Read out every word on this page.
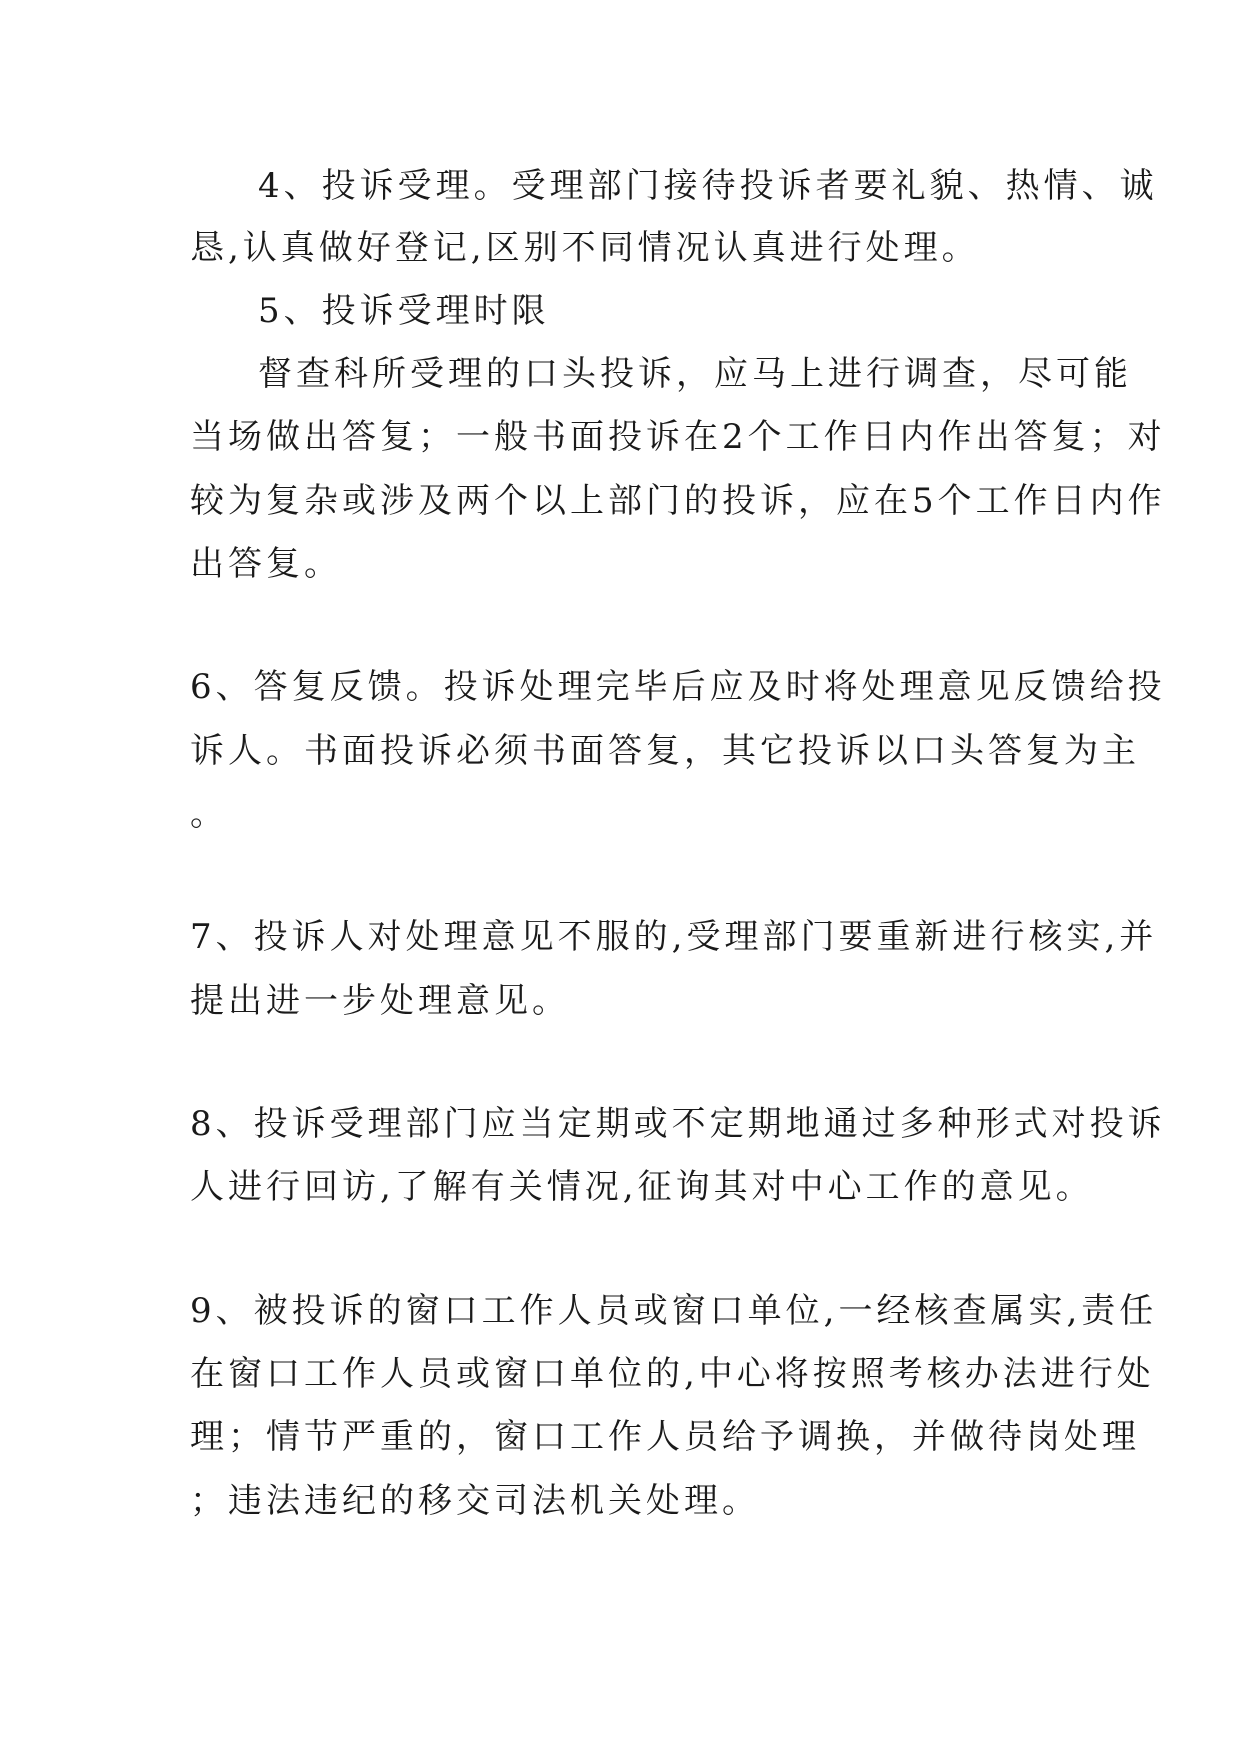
4、投诉受理。受理部门接待投诉者要礼貌、热情、诚
恳,认真做好登记,区别不同情况认真进行处理。
5、投诉受理时限
督查科所受理的口头投诉，应马上进行调查，尽可能
当场做出答复；一般书面投诉在2个工作日内作出答复；对
较为复杂或涉及两个以上部门的投诉，应在5个工作日内作
出答复。
6、答复反馈。投诉处理完毕后应及时将处理意见反馈给投
诉人。书面投诉必须书面答复，其它投诉以口头答复为主
。
7、投诉人对处理意见不服的,受理部门要重新进行核实,并
提出进一步处理意见。
8、投诉受理部门应当定期或不定期地通过多种形式对投诉
人进行回访,了解有关情况,征询其对中心工作的意见。
9、被投诉的窗口工作人员或窗口单位,一经核查属实,责任
在窗口工作人员或窗口单位的,中心将按照考核办法进行处
理；情节严重的，窗口工作人员给予调换，并做待岗处理
；违法违纪的移交司法机关处理。
